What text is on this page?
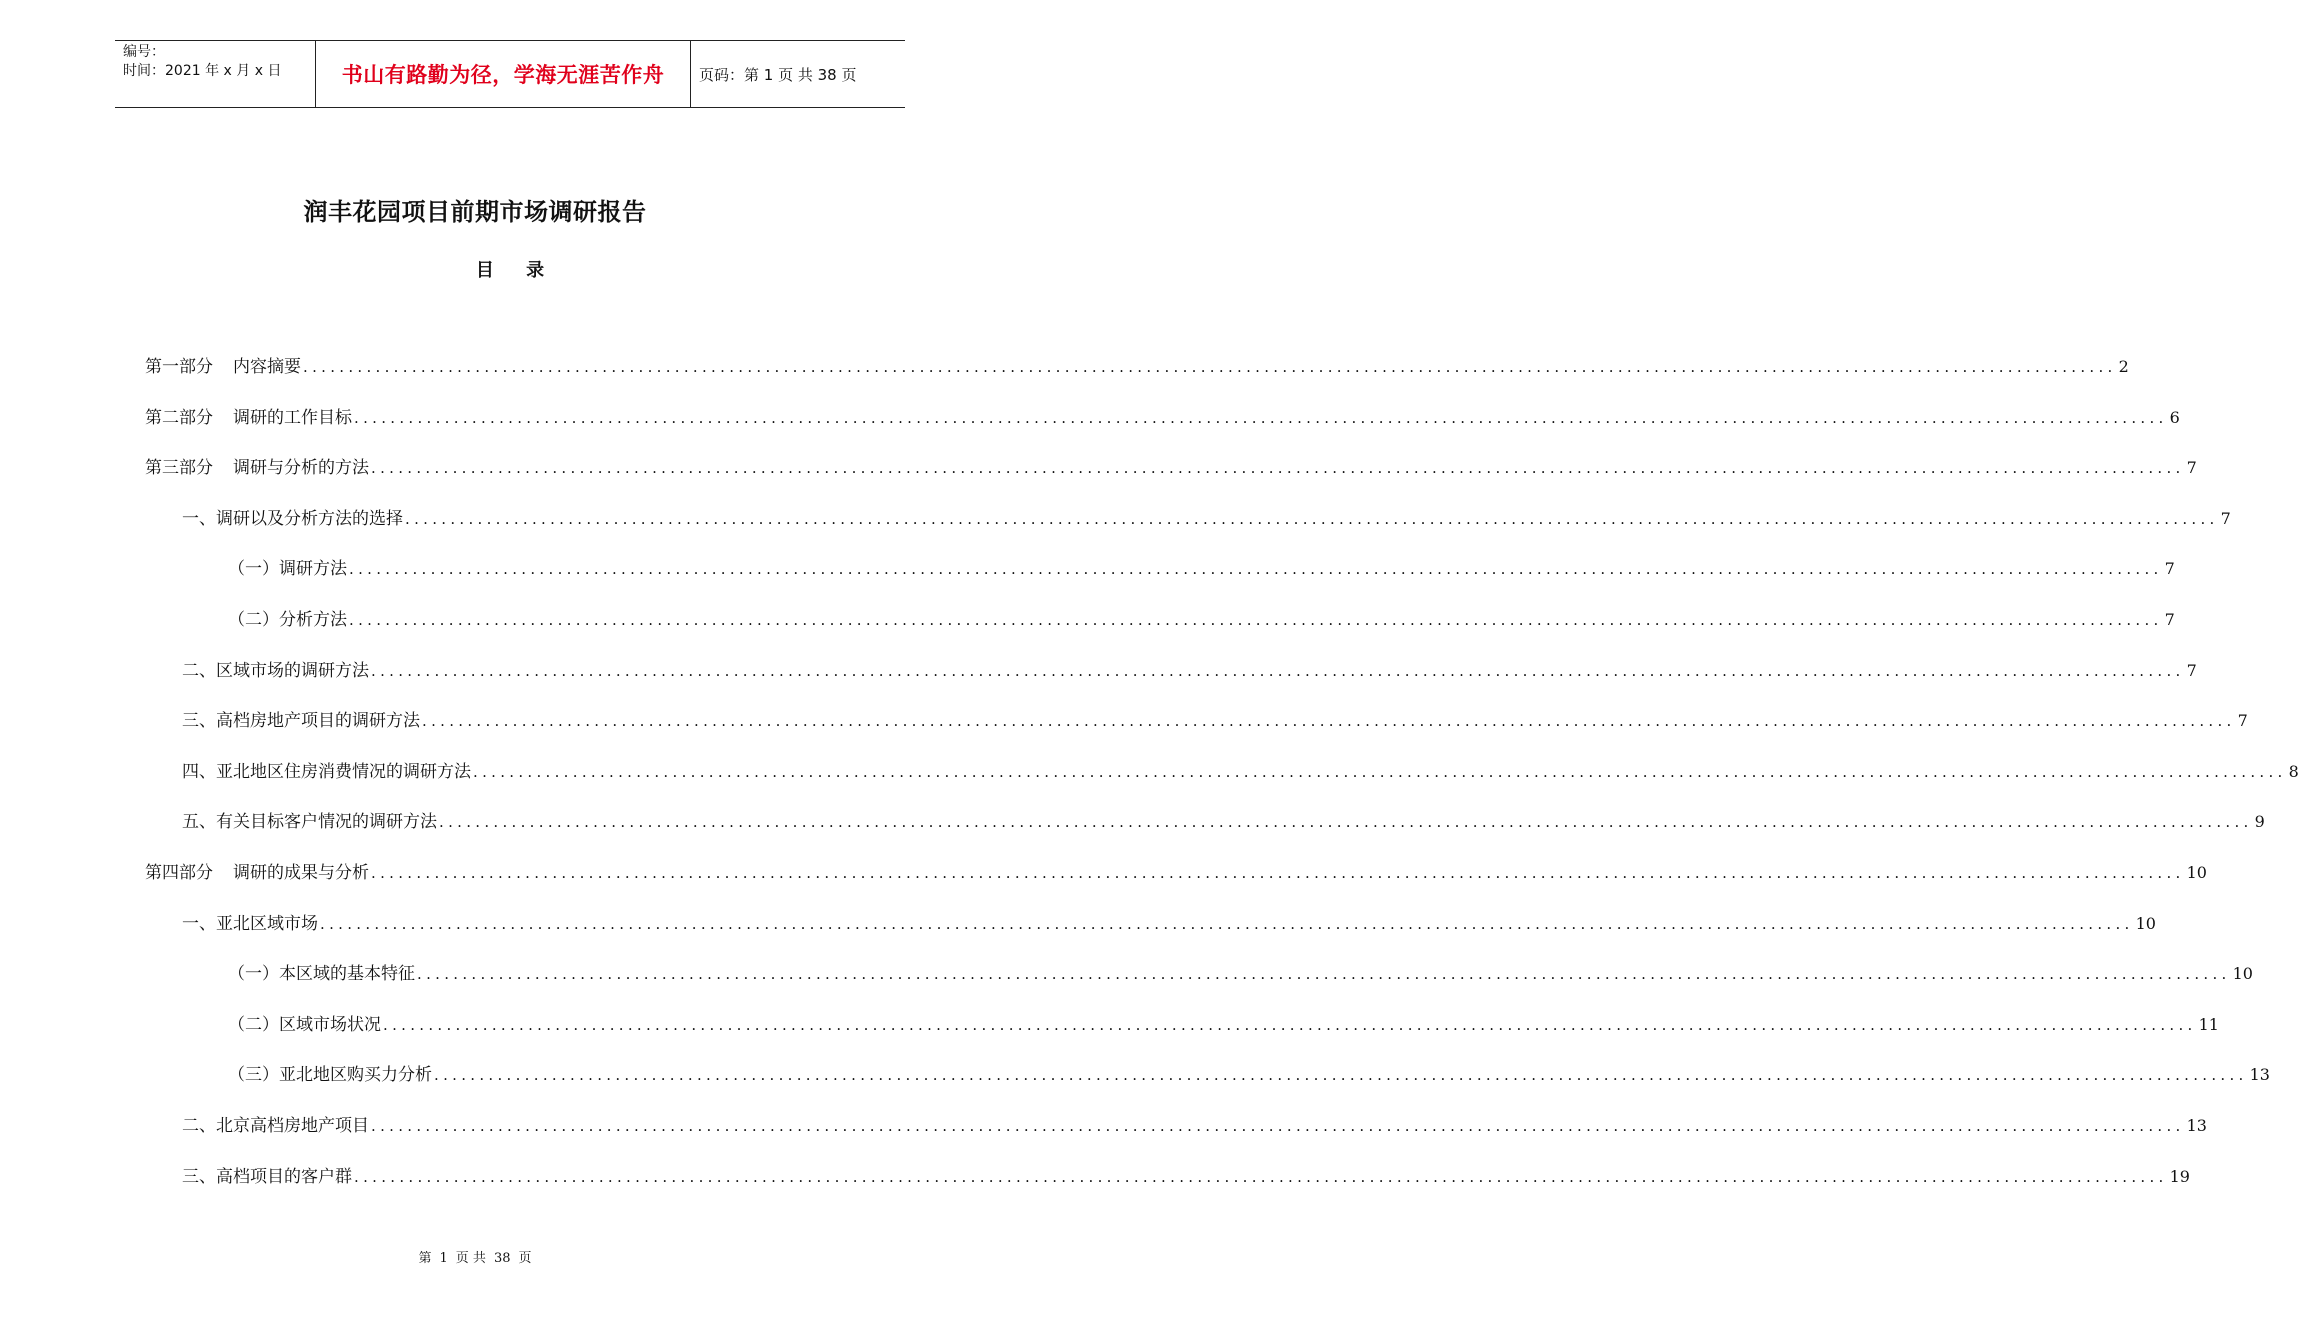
编号：
时间：2021 年 x 月 x 日	书山有路勤为径，学海无涯苦作舟	页码：第 1 页 共 38 页
润丰花园项目前期市场调研报告
目 录
第一部分 内容摘要 ........................................................................................................................................................................................................ 2
第二部分 调研的工作目标 ........................................................................................................................................................................................................ 6
第三部分 调研与分析的方法 ........................................................................................................................................................................................................ 7
一、调研以及分析方法的选择 ........................................................................................................................................................................................................ 7
（一）调研方法 ........................................................................................................................................................................................................ 7
（二）分析方法 ........................................................................................................................................................................................................ 7
二、区域市场的调研方法 ........................................................................................................................................................................................................ 7
三、高档房地产项目的调研方法 ........................................................................................................................................................................................................ 7
四、亚北地区住房消费情况的调研方法 ........................................................................................................................................................................................................ 8
五、有关目标客户情况的调研方法 ........................................................................................................................................................................................................ 9
第四部分 调研的成果与分析 ........................................................................................................................................................................................................ 10
一、亚北区域市场 ........................................................................................................................................................................................................ 10
（一）本区域的基本特征 ........................................................................................................................................................................................................ 10
（二）区域市场状况 ........................................................................................................................................................................................................ 11
（三）亚北地区购买力分析 ........................................................................................................................................................................................................ 13
二、北京高档房地产项目 ........................................................................................................................................................................................................ 13
三、高档项目的客户群 ........................................................................................................................................................................................................ 19
第 1 页 共 38 页
